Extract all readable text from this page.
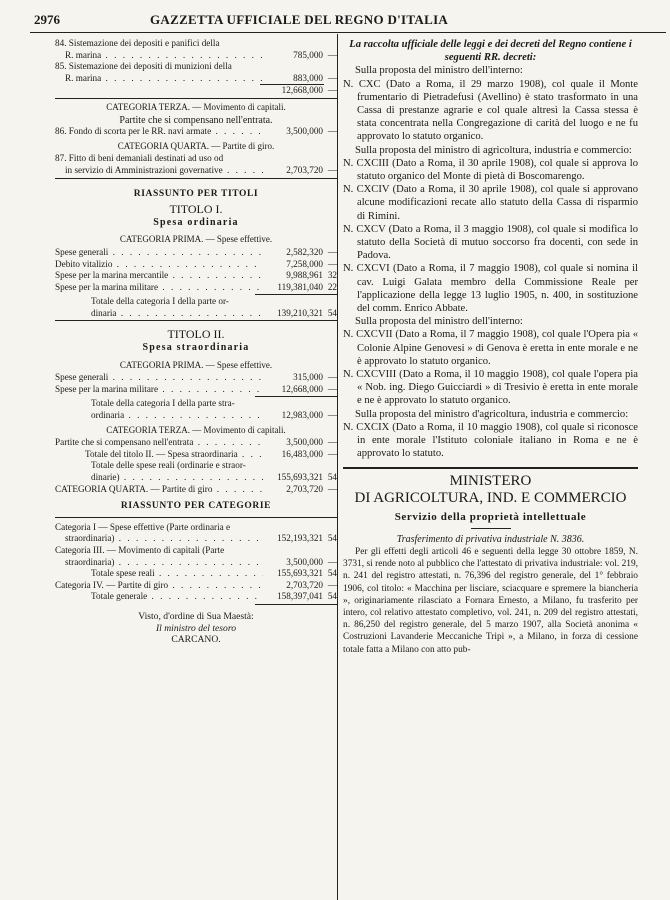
2976	GAZZETTA UFFICIALE DEL REGNO D'ITALIA
84. Sistemazione dei depositi e panifici della
R. marina . . .	785,000 —
85. Sistemazione dei depositi di munizioni della
R. marina . . .	883,000 —
12,668,000 —
CATEGORIA TERZA. — Movimento di capitali.
Partite che si compensano nell'entrata.
86. Fondo di scorta per le RR. navi armate . . .	3,500,000 —
CATEGORIA QUARTA. — Partite di giro.
87. Fitto di beni demaniali destinati ad uso od
in servizio di Amministrazioni governative . . .	2,703,720 —
RIASSUNTO PER TITOLI
TITOLO I.
Spesa ordinaria
CATEGORIA PRIMA. — Spese effettive.
Spese generali . . .	2,582,320 —
Debito vitalizio . . .	7,258,000 —
Spese per la marina mercantile . . .	9,988,961 32
Spese per la marina militare . . .	119,381,040 22
Totale della categoria I della parte or-
dinaria . . .	139,210,321 54
TITOLO II.
Spesa straordinaria
CATEGORIA PRIMA. — Spese effettive.
Spese generali . . .	315,000 —
Spese per la marina militare . . .	12,668,000 —
Totale della categoria I della parte stra-
ordinaria . . .	12,983,000 —
CATEGORIA TERZA. — Movimento di capitali.
Partite che si compensano nell'entrata . . .	3,500,000 —
Totale del titolo II. — Spesa straordinaria . . .	16,483,000 —
Totale delle spese reali (ordinarie e straor-
dinarie) . . .	155,693,321 54
CATEGORIA QUARTA. — Partite di giro . . .	2,703,720 —
RIASSUNTO PER CATEGORIE
Categoria I — Spese effettive (Parte ordinaria e
straordinaria) . . .	152,193,321 54
Categoria III. — Movimento di capitali (Parte
straordinaria) . . .	3,500,000 —
Totale spese reali . . .	155,693,321 54
Categoria IV. — Partite di giro . . .	2,703,720 —
Totale generale . . .	158,397,041 54
Visto, d'ordine di Sua Maestà:
Il ministro del tesoro
CARCANO.
La raccolta ufficiale delle leggi e dei decreti del Regno contiene i seguenti RR. decreti:
Sulla proposta del ministro dell'interno:
N. CXC (Dato a Roma, il 29 marzo 1908), col quale il Monte frumentario di Pietradefusi (Avellino) è stato trasformato in una Cassa di prestanze agrarie e col quale altresì la Cassa stessa è stata concentrata nella Congregazione di carità del luogo e ne fu approvato lo statuto organico.
Sulla proposta del ministro di agricoltura, industria e commercio:
N. CXCIII (Dato a Roma, il 30 aprile 1908), col quale si approva lo statuto organico del Monte di pietà di Boscomarengo.
N. CXCIV (Dato a Roma, il 30 aprile 1908), col quale si approvano alcune modificazioni recate allo statuto della Cassa di risparmio di Rimini.
N. CXCV (Dato a Roma, il 3 maggio 1908), col quale si modifica lo statuto della Società di mutuo soccorso fra docenti, con sede in Padova.
N. CXCVI (Dato a Roma, il 7 maggio 1908), col quale si nomina il cav. Luigi Galata membro della Commissione Reale per l'applicazione della legge 13 luglio 1905, n. 400, in sostituzione del comm. Enrico Abbate.
Sulla proposta del ministro dell'interno:
N. CXCVII (Dato a Roma, il 7 maggio 1908), col quale l'Opera pia « Colonie Alpine Genovesi » di Genova è eretta in ente morale e ne è approvato lo statuto organico.
N. CXCVIII (Dato a Roma, il 10 maggio 1908), col quale l'opera pia « Nob. ing. Diego Guicciardi » di Tresivio è eretta in ente morale e ne è approvato lo statuto organico.
Sulla proposta del ministro d'agricoltura, industria e commercio:
N. CXCIX (Dato a Roma, il 10 maggio 1908), col quale si riconosce in ente morale l'Istituto coloniale italiano in Roma e ne è approvato lo statuto.
MINISTERO
DI AGRICOLTURA, IND. E COMMERCIO
Servizio della proprietà intellettuale
Trasferimento di privativa industriale N. 3836.
Per gli effetti degli articoli 46 e seguenti della legge 30 ottobre 1859, N. 3731, si rende noto al pubblico che l'attestato di privativa industriale: vol. 219, n. 241 del registro attestati, n. 76,396 del registro generale, del 1° febbraio 1906, col titolo: « Macchina per lisciare, sciacquare e spremere la biancheria », originariamente rilasciato a Fornara Ernesto, a Milano, fu trasferito per intero, col relativo attestato completivo, vol. 241, n. 209 del registro attestati, n. 86,250 del registro generale, del 5 marzo 1907, alla Società anonima « Costruzioni Lavanderie Meccaniche Tripi », a Milano, in forza di cessione totale fatta a Milano con atto pub-
